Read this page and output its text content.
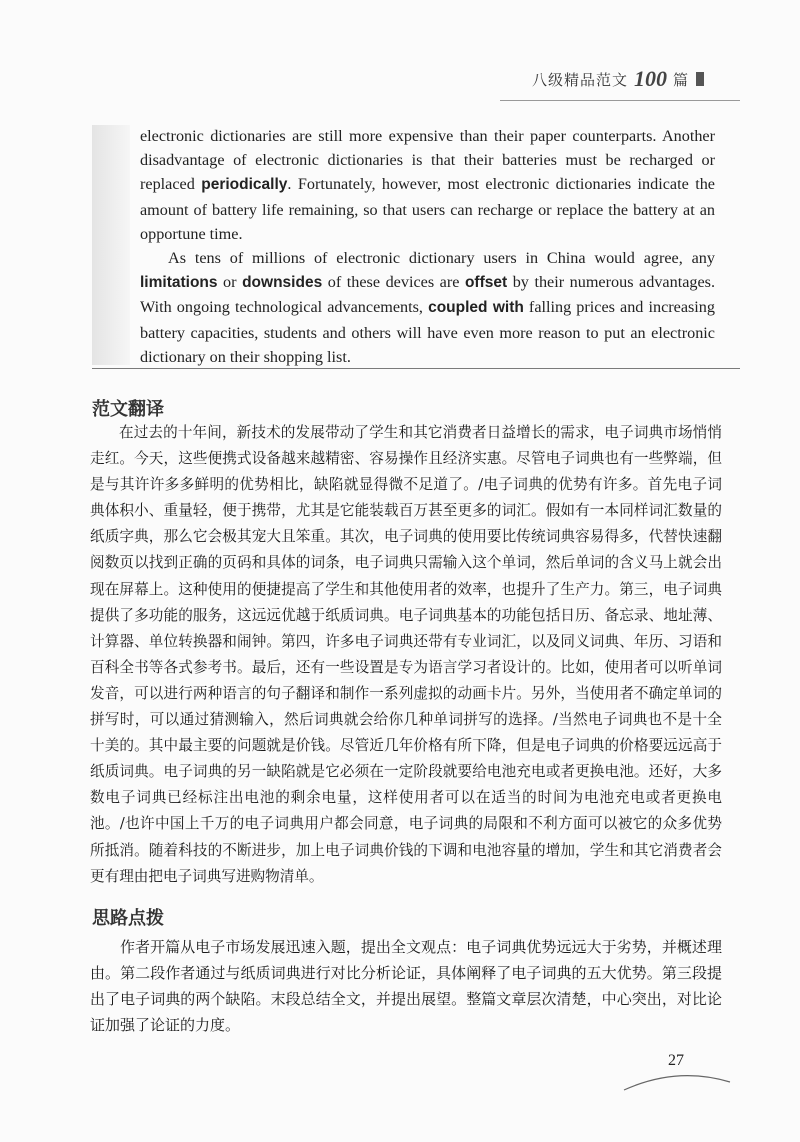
八级精品范文 100 篇

electronic dictionaries are still more expensive than their paper counterparts. Another disadvantage of electronic dictionaries is that their batteries must be recharged or replaced periodically. Fortunately, however, most electronic dictionaries indicate the amount of battery life remaining, so that users can recharge or replace the battery at an opportune time.

As tens of millions of electronic dictionary users in China would agree, any limitations or downsides of these devices are offset by their numerous advantages. With ongoing technological advancements, coupled with falling prices and increasing battery capacities, students and others will have even more reason to put an electronic dictionary on their shopping list.

范文翻译

在过去的十年间，新技术的发展带动了学生和其它消费者日益增长的需求，电子词典市场悄悄走红。今天，这些便携式设备越来越精密、容易操作且经济实惠。尽管电子词典也有一些弊端，但是与其许许多多鲜明的优势相比，缺陷就显得微不足道了。/电子词典的优势有许多。首先电子词典体积小、重量轻，便于携带，尤其是它能装载百万甚至更多的词汇。假如有一本同样词汇数量的纸质字典，那么它会极其宠大且笨重。其次，电子词典的使用要比传统词典容易得多，代替快速翻阅数页以找到正确的页码和具体的词条，电子词典只需输入这个单词，然后单词的含义马上就会出现在屏幕上。这种使用的便捷提高了学生和其他使用者的效率，也提升了生产力。第三，电子词典提供了多功能的服务，这远远优越于纸质词典。电子词典基本的功能包括日历、备忘录、地址薄、计算器、单位转换器和闹钟。第四，许多电子词典还带有专业词汇，以及同义词典、年历、习语和百科全书等各式参考书。最后，还有一些设置是专为语言学习者设计的。比如，使用者可以听单词发音，可以进行两种语言的句子翻译和制作一系列虚拟的动画卡片。另外，当使用者不确定单词的拼写时，可以通过猜测输入，然后词典就会给你几种单词拼写的选择。/当然电子词典也不是十全十美的。其中最主要的问题就是价钱。尽管近几年价格有所下降，但是电子词典的价格要远远高于纸质词典。电子词典的另一缺陷就是它必须在一定阶段就要给电池充电或者更换电池。还好，大多数电子词典已经标注出电池的剩余电量，这样使用者可以在适当的时间为电池充电或者更换电池。/也许中国上千万的电子词典用户都会同意，电子词典的局限和不利方面可以被它的众多优势所抵消。随着科技的不断进步，加上电子词典价钱的下调和电池容量的增加，学生和其它消费者会更有理由把电子词典写进购物清单。

思路点拨

作者开篇从电子市场发展迅速入题，提出全文观点：电子词典优势远远大于劣势，并概述理由。第二段作者通过与纸质词典进行对比分析论证，具体阐释了电子词典的五大优势。第三段提出了电子词典的两个缺陷。末段总结全文，并提出展望。整篇文章层次清楚，中心突出，对比论证加强了论证的力度。

27
